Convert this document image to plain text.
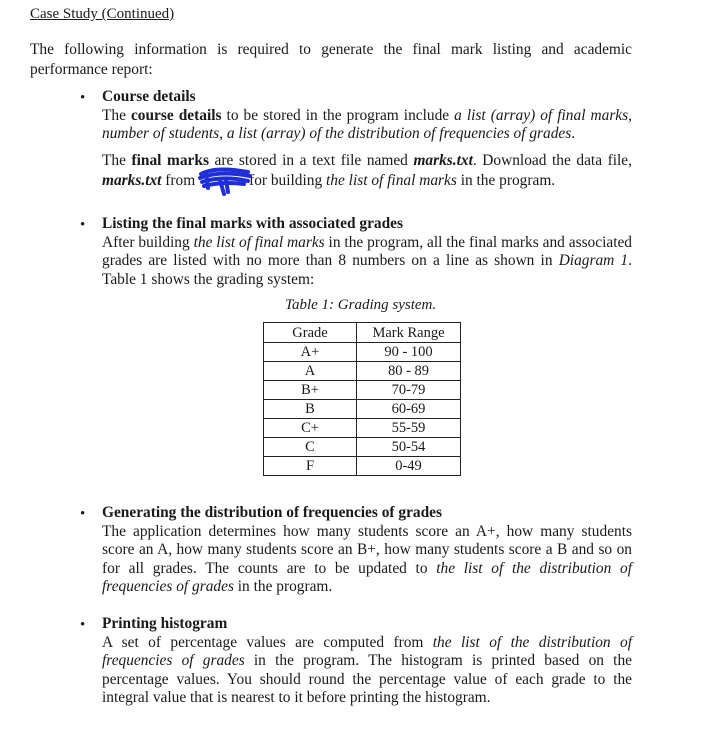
Case Study (Continued)
The following information is required to generate the final mark listing and academic performance report:
• Course details

The course details to be stored in the program include a list (array) of final marks, number of students, a list (array) of the distribution of frequencies of grades.

The final marks are stored in a text file named marks.txt. Download the data file, marks.txt from	for building the list of final marks in the program.

• Listing the final marks with associated grades

After building the list of final marks in the program, all the final marks and associated grades are listed with no more than 8 numbers on a line as shown in Diagram 1. Table 1 shows the grading system:

Table 1: Grading system.
Grade	Mark Range
A+	90 - 100
A	80 - 89
B+	70-79
B	60-69
C+	55-59
C	50-54
F	0-49
• Generating the distribution of frequencies of grades

The application determines how many students score an A+, how many students score an A, how many students score an B+, how many students score a B and so on for all grades. The counts are to be updated to the list of the distribution of frequencies of grades in the program.

• Printing histogram

A set of percentage values are computed from the list of the distribution of frequencies of grades in the program. The histogram is printed based on the percentage values. You should round the percentage value of each grade to the integral value that is nearest to it before printing the histogram.
